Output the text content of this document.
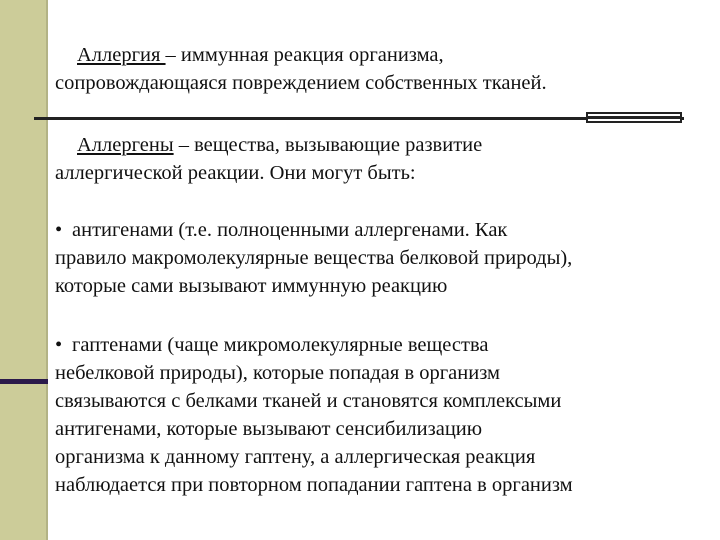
Аллергия – иммунная реакция организма,
сопровождающаяся повреждением собственных тканей.
Аллергены – вещества, вызывающие развитие
аллергической реакции. Они могут быть:
• антигенами (т.е. полноценными аллергенами. Как
правило макромолекулярные вещества белковой природы),
которые сами вызывают иммунную реакцию
• гаптенами (чаще микромолекулярные вещества
небелковой природы), которые попадая в организм
связываются с белками тканей и становятся комплексыми
антигенами, которые вызывают сенсибилизацию
организма к данному гаптену, а аллергическая реакция
наблюдается при повторном попадании гаптена в организм
